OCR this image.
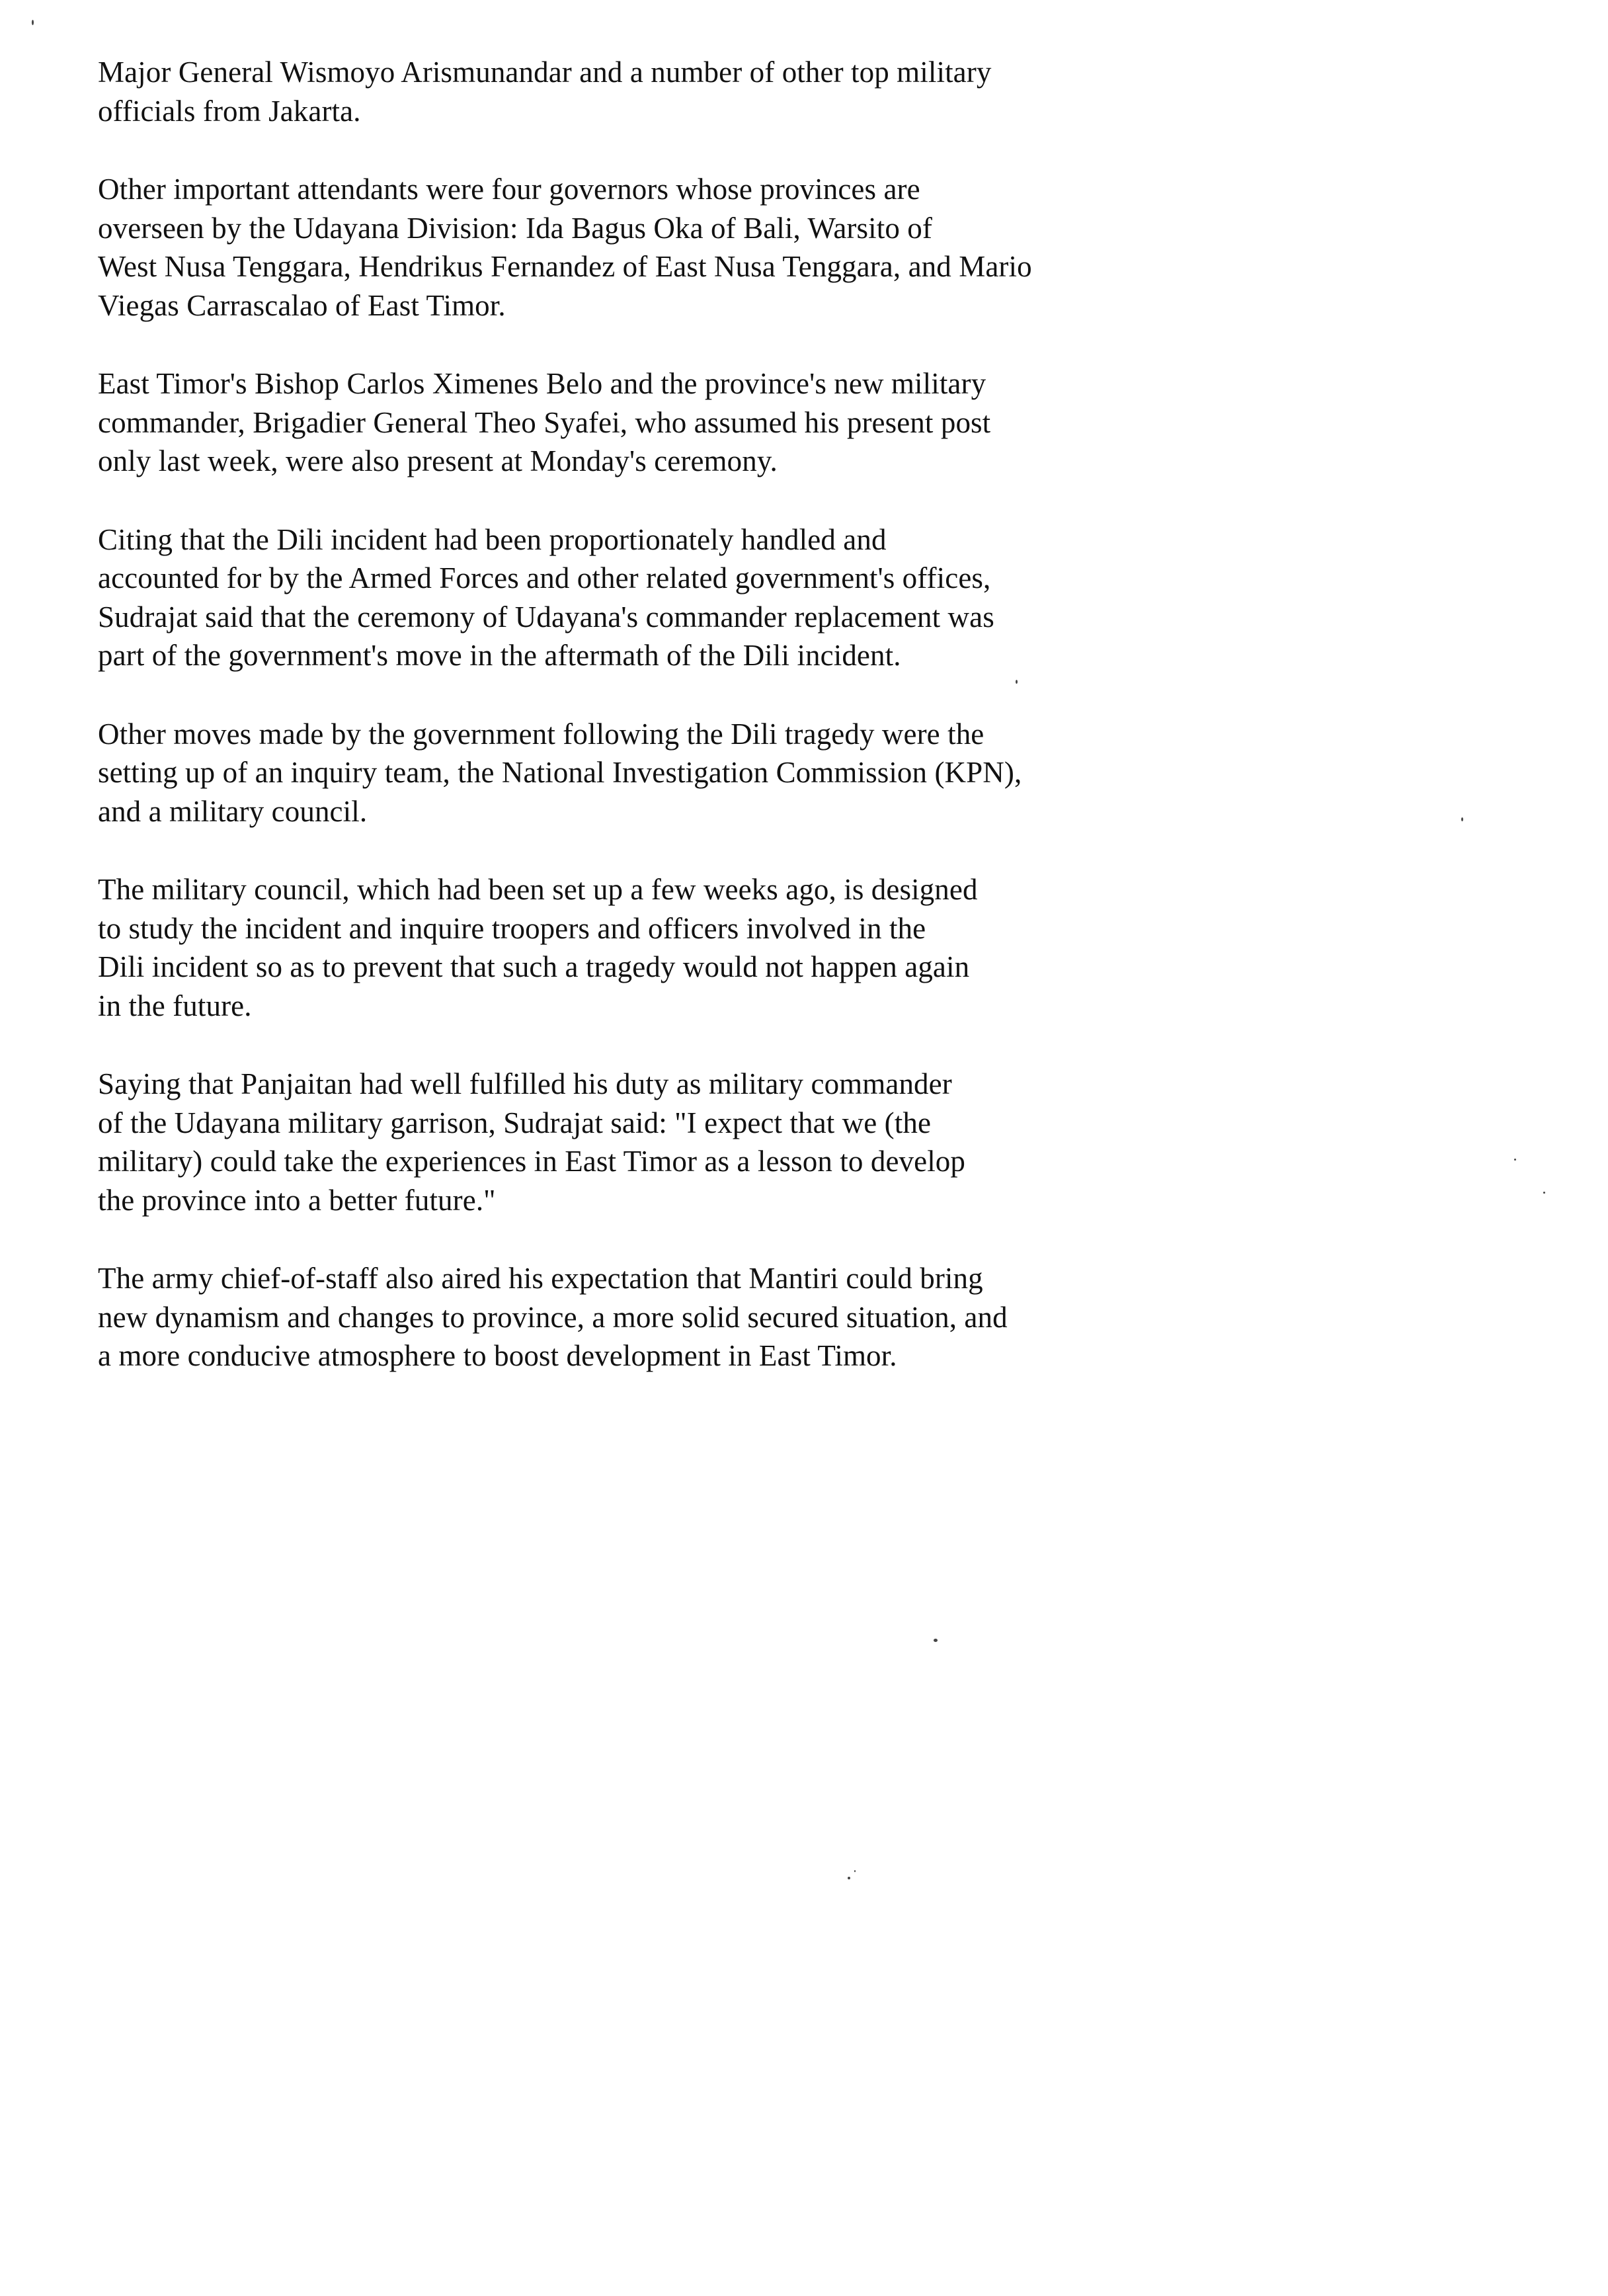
Major General Wismoyo Arismunandar and a number of other top military
officials from Jakarta.

Other important attendants were four governors whose provinces are
overseen by the Udayana Division: Ida Bagus Oka of Bali, Warsito of
West Nusa Tenggara, Hendrikus Fernandez of East Nusa Tenggara, and Mario
Viegas Carrascalao of East Timor.

East Timor's Bishop Carlos Ximenes Belo and the province's new military
commander, Brigadier General Theo Syafei, who assumed his present post
only last week, were also present at Monday's ceremony.

Citing that the Dili incident had been proportionately handled and
accounted for by the Armed Forces and other related government's offices,
Sudrajat said that the ceremony of Udayana's commander replacement was
part of the government's move in the aftermath of the Dili incident.

Other moves made by the government following the Dili tragedy were the
setting up of an inquiry team, the National Investigation Commission (KPN),
and a military council.

The military council, which had been set up a few weeks ago, is designed
to study the incident and inquire troopers and officers involved in the
Dili incident so as to prevent that such a tragedy would not happen again
in the future.

Saying that Panjaitan had well fulfilled his duty as military commander
of the Udayana military garrison, Sudrajat said: "I expect that we (the
military) could take the experiences in East Timor as a lesson to develop
the province into a better future."

The army chief-of-staff also aired his expectation that Mantiri could bring
new dynamism and changes to province, a more solid secured situation, and
a more conducive atmosphere to boost development in East Timor.
